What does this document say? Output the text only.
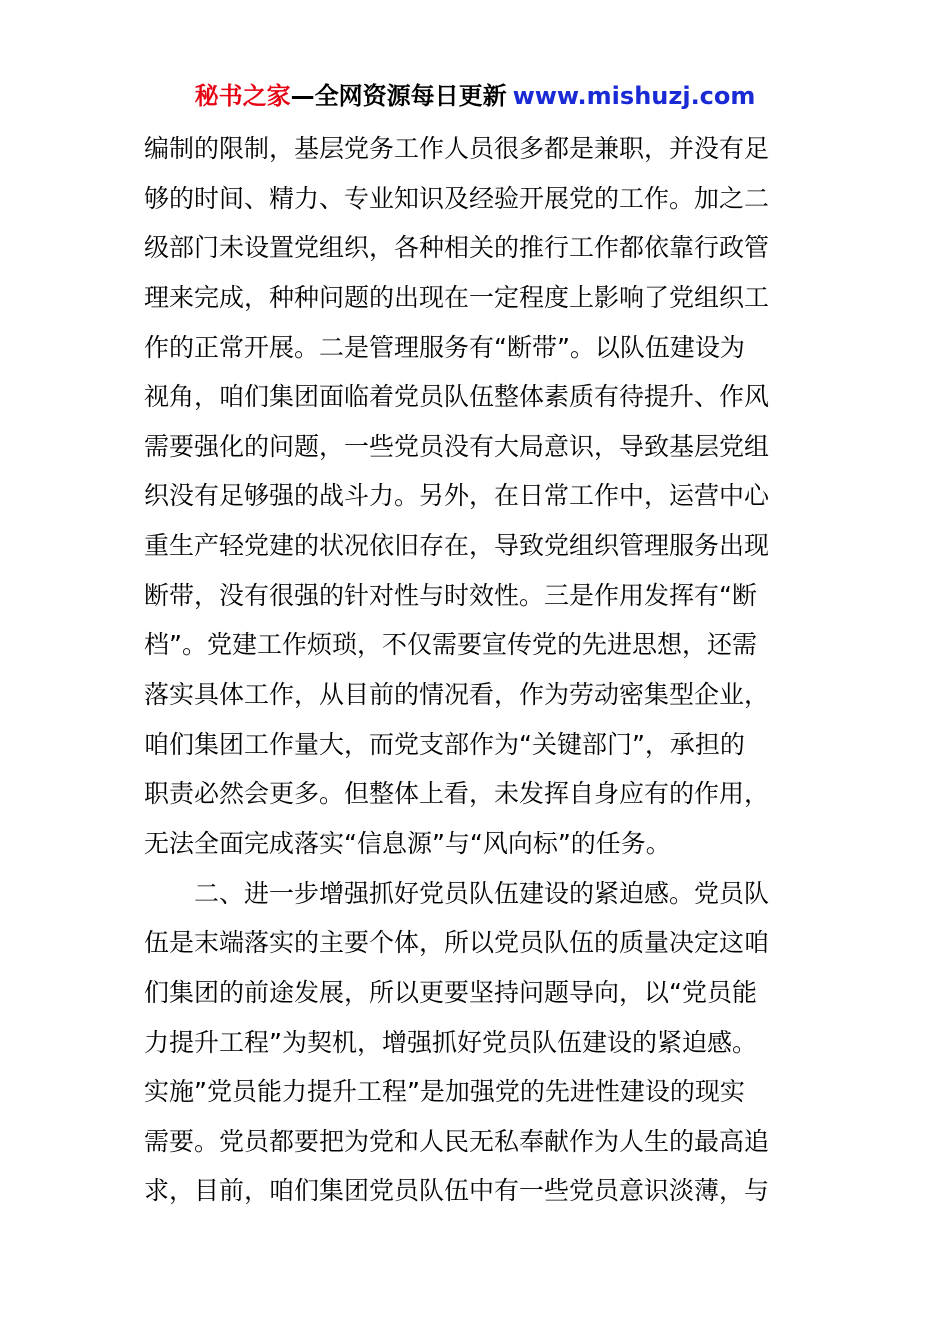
秘书之家—全网资源每日更新 www.mishuzj.com
编制的限制，基层党务工作人员很多都是兼职，并没有足
够的时间、精力、专业知识及经验开展党的工作。加之二
级部门未设置党组织，各种相关的推行工作都依靠行政管
理来完成，种种问题的出现在一定程度上影响了党组织工
作的正常开展。二是管理服务有“断带”。以队伍建设为
视角，咱们集团面临着党员队伍整体素质有待提升、作风
需要强化的问题，一些党员没有大局意识，导致基层党组
织没有足够强的战斗力。另外，在日常工作中，运营中心
重生产轻党建的状况依旧存在，导致党组织管理服务出现
断带，没有很强的针对性与时效性。三是作用发挥有“断
档”。党建工作烦琐，不仅需要宣传党的先进思想，还需
落实具体工作，从目前的情况看，作为劳动密集型企业，
咱们集团工作量大，而党支部作为“关键部门”，承担的
职责必然会更多。但整体上看，未发挥自身应有的作用，
无法全面完成落实“信息源”与“风向标”的任务。
二、进一步增强抓好党员队伍建设的紧迫感。党员队
伍是末端落实的主要个体，所以党员队伍的质量决定这咱
们集团的前途发展，所以更要坚持问题导向，以“党员能
力提升工程”为契机，增强抓好党员队伍建设的紧迫感。
实施”党员能力提升工程”是加强党的先进性建设的现实
需要。党员都要把为党和人民无私奉献作为人生的最高追
求，目前，咱们集团党员队伍中有一些党员意识淡薄，与
